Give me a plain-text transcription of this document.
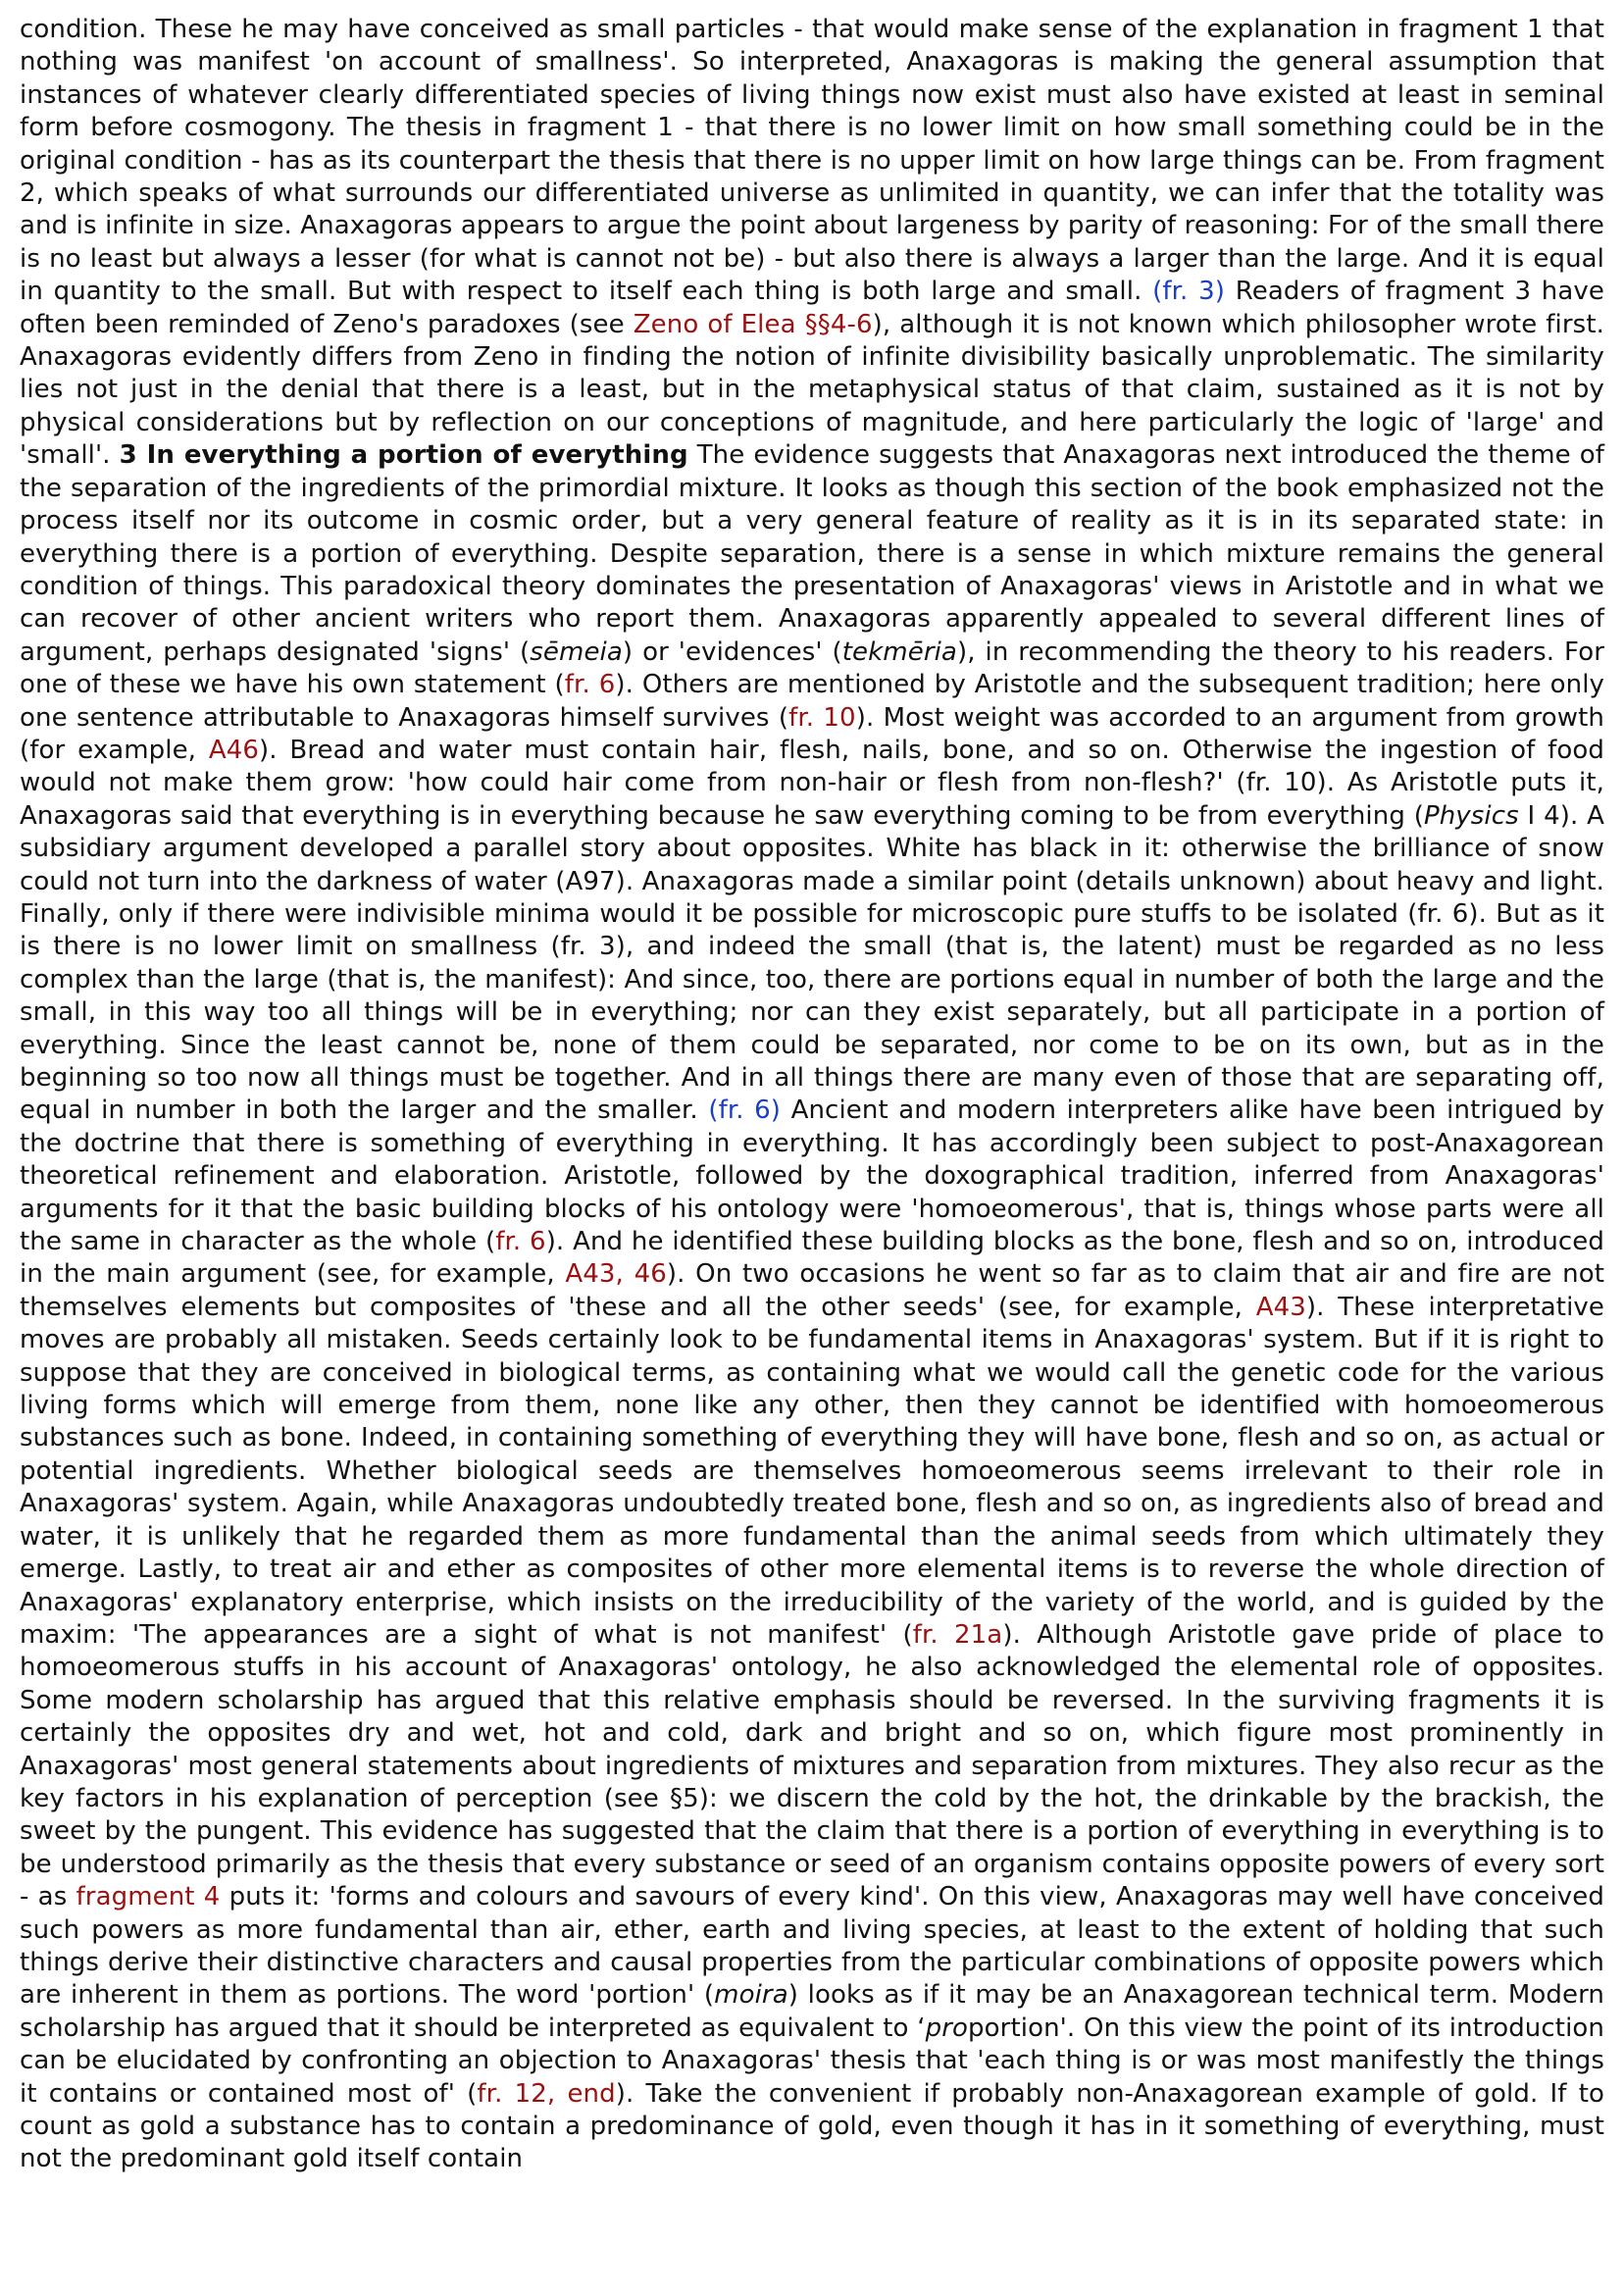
condition. These he may have conceived as small particles - that would make sense of the explanation in fragment 1 that nothing was manifest 'on account of smallness'. So interpreted, Anaxagoras is making the general assumption that instances of whatever clearly differentiated species of living things now exist must also have existed at least in seminal form before cosmogony. The thesis in fragment 1 - that there is no lower limit on how small something could be in the original condition - has as its counterpart the thesis that there is no upper limit on how large things can be. From fragment 2, which speaks of what surrounds our differentiated universe as unlimited in quantity, we can infer that the totality was and is infinite in size. Anaxagoras appears to argue the point about largeness by parity of reasoning: For of the small there is no least but always a lesser (for what is cannot not be) - but also there is always a larger than the large. And it is equal in quantity to the small. But with respect to itself each thing is both large and small. (fr. 3) Readers of fragment 3 have often been reminded of Zeno's paradoxes (see Zeno of Elea §§4-6), although it is not known which philosopher wrote first. Anaxagoras evidently differs from Zeno in finding the notion of infinite divisibility basically unproblematic. The similarity lies not just in the denial that there is a least, but in the metaphysical status of that claim, sustained as it is not by physical considerations but by reflection on our conceptions of magnitude, and here particularly the logic of 'large' and 'small'. 3 In everything a portion of everything The evidence suggests that Anaxagoras next introduced the theme of the separation of the ingredients of the primordial mixture. It looks as though this section of the book emphasized not the process itself nor its outcome in cosmic order, but a very general feature of reality as it is in its separated state: in everything there is a portion of everything. Despite separation, there is a sense in which mixture remains the general condition of things. This paradoxical theory dominates the presentation of Anaxagoras' views in Aristotle and in what we can recover of other ancient writers who report them. Anaxagoras apparently appealed to several different lines of argument, perhaps designated 'signs' (sēmeia) or 'evidences' (tekmēria), in recommending the theory to his readers. For one of these we have his own statement (fr. 6). Others are mentioned by Aristotle and the subsequent tradition; here only one sentence attributable to Anaxagoras himself survives (fr. 10). Most weight was accorded to an argument from growth (for example, A46). Bread and water must contain hair, flesh, nails, bone, and so on. Otherwise the ingestion of food would not make them grow: 'how could hair come from non-hair or flesh from non-flesh?' (fr. 10). As Aristotle puts it, Anaxagoras said that everything is in everything because he saw everything coming to be from everything (Physics I 4). A subsidiary argument developed a parallel story about opposites. White has black in it: otherwise the brilliance of snow could not turn into the darkness of water (A97). Anaxagoras made a similar point (details unknown) about heavy and light. Finally, only if there were indivisible minima would it be possible for microscopic pure stuffs to be isolated (fr. 6). But as it is there is no lower limit on smallness (fr. 3), and indeed the small (that is, the latent) must be regarded as no less complex than the large (that is, the manifest): And since, too, there are portions equal in number of both the large and the small, in this way too all things will be in everything; nor can they exist separately, but all participate in a portion of everything. Since the least cannot be, none of them could be separated, nor come to be on its own, but as in the beginning so too now all things must be together. And in all things there are many even of those that are separating off, equal in number in both the larger and the smaller. (fr. 6) Ancient and modern interpreters alike have been intrigued by the doctrine that there is something of everything in everything. It has accordingly been subject to post-Anaxagorean theoretical refinement and elaboration. Aristotle, followed by the doxographical tradition, inferred from Anaxagoras' arguments for it that the basic building blocks of his ontology were 'homoeomerous', that is, things whose parts were all the same in character as the whole (fr. 6). And he identified these building blocks as the bone, flesh and so on, introduced in the main argument (see, for example, A43, 46). On two occasions he went so far as to claim that air and fire are not themselves elements but composites of 'these and all the other seeds' (see, for example, A43). These interpretative moves are probably all mistaken. Seeds certainly look to be fundamental items in Anaxagoras' system. But if it is right to suppose that they are conceived in biological terms, as containing what we would call the genetic code for the various living forms which will emerge from them, none like any other, then they cannot be identified with homoeomerous substances such as bone. Indeed, in containing something of everything they will have bone, flesh and so on, as actual or potential ingredients. Whether biological seeds are themselves homoeomerous seems irrelevant to their role in Anaxagoras' system. Again, while Anaxagoras undoubtedly treated bone, flesh and so on, as ingredients also of bread and water, it is unlikely that he regarded them as more fundamental than the animal seeds from which ultimately they emerge. Lastly, to treat air and ether as composites of other more elemental items is to reverse the whole direction of Anaxagoras' explanatory enterprise, which insists on the irreducibility of the variety of the world, and is guided by the maxim: 'The appearances are a sight of what is not manifest' (fr. 21a). Although Aristotle gave pride of place to homoeomerous stuffs in his account of Anaxagoras' ontology, he also acknowledged the elemental role of opposites. Some modern scholarship has argued that this relative emphasis should be reversed. In the surviving fragments it is certainly the opposites dry and wet, hot and cold, dark and bright and so on, which figure most prominently in Anaxagoras' most general statements about ingredients of mixtures and separation from mixtures. They also recur as the key factors in his explanation of perception (see §5): we discern the cold by the hot, the drinkable by the brackish, the sweet by the pungent. This evidence has suggested that the claim that there is a portion of everything in everything is to be understood primarily as the thesis that every substance or seed of an organism contains opposite powers of every sort - as fragment 4 puts it: 'forms and colours and savours of every kind'. On this view, Anaxagoras may well have conceived such powers as more fundamental than air, ether, earth and living species, at least to the extent of holding that such things derive their distinctive characters and causal properties from the particular combinations of opposite powers which are inherent in them as portions. The word 'portion' (moira) looks as if it may be an Anaxagorean technical term. Modern scholarship has argued that it should be interpreted as equivalent to ‘proportion'. On this view the point of its introduction can be elucidated by confronting an objection to Anaxagoras' thesis that 'each thing is or was most manifestly the things it contains or contained most of' (fr. 12, end). Take the convenient if probably non-Anaxagorean example of gold. If to count as gold a substance has to contain a predominance of gold, even though it has in it something of everything, must not the predominant gold itself contain
